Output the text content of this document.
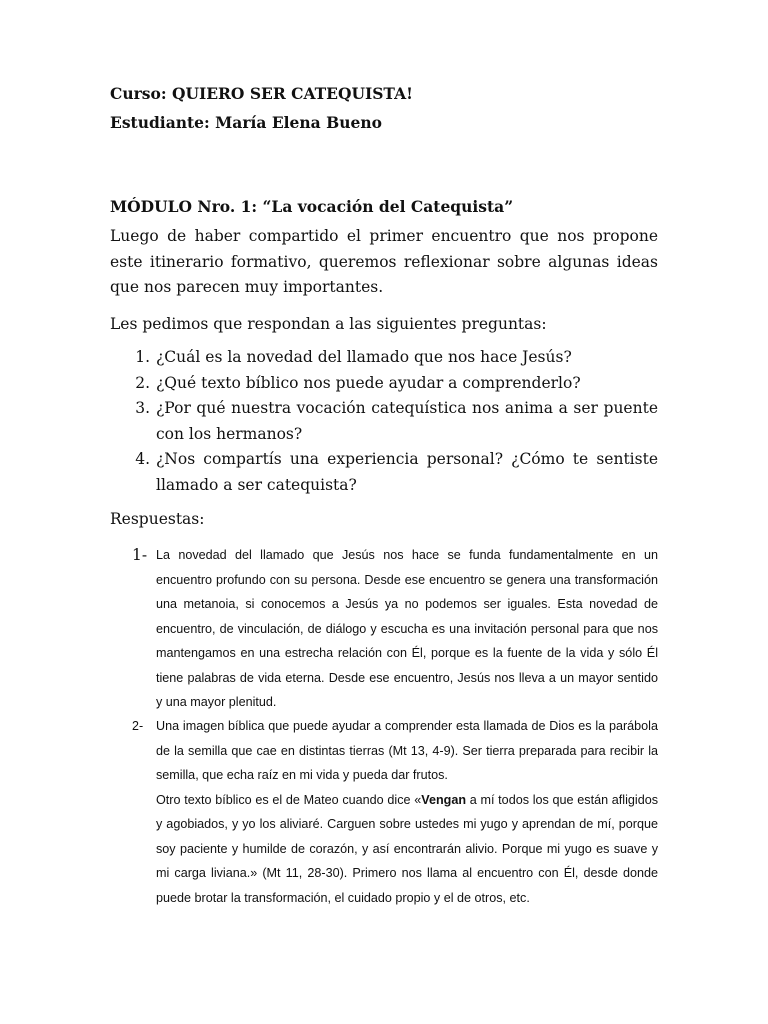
Curso: QUIERO SER CATEQUISTA!
Estudiante: María Elena Bueno
MÓDULO Nro. 1: “La vocación del Catequista”
Luego de haber compartido el primer encuentro que nos propone este itinerario formativo, queremos reflexionar sobre algunas ideas que nos parecen muy importantes.
Les pedimos que respondan a las siguientes preguntas:
1. ¿Cuál es la novedad del llamado que nos hace Jesús?
2. ¿Qué texto bíblico nos puede ayudar a comprenderlo?
3. ¿Por qué nuestra vocación catequística nos anima a ser puente con los hermanos?
4. ¿Nos compartís una experiencia personal? ¿Cómo te sentiste llamado a ser catequista?
Respuestas:
1- La novedad del llamado que Jesús nos hace se funda fundamentalmente en un encuentro profundo con su persona. Desde ese encuentro se genera una transformación una metanoia, si conocemos a Jesús ya no podemos ser iguales. Esta novedad de encuentro, de vinculación, de diálogo y escucha es una invitación personal para que nos mantengamos en una estrecha relación con Él, porque es la fuente de la vida y sólo Él tiene palabras de vida eterna. Desde ese encuentro, Jesús nos lleva a un mayor sentido y una mayor plenitud.
2-	Una imagen bíblica que puede ayudar a comprender esta llamada de Dios es la parábola de la semilla que cae en distintas tierras (Mt 13, 4-9). Ser tierra preparada para recibir la semilla, que echa raíz en mi vida y pueda dar frutos.

Otro texto bíblico es el de Mateo cuando dice «Vengan a mí todos los que están afligidos y agobiados, y yo los aliviaré. Carguen sobre ustedes mi yugo y aprendan de mí, porque soy paciente y humilde de corazón, y así encontrarán alivio. Porque mi yugo es suave y mi carga liviana.» (Mt 11, 28-30). Primero nos llama al encuentro con Él, desde donde puede brotar la transformación, el cuidado propio y el de otros, etc.
